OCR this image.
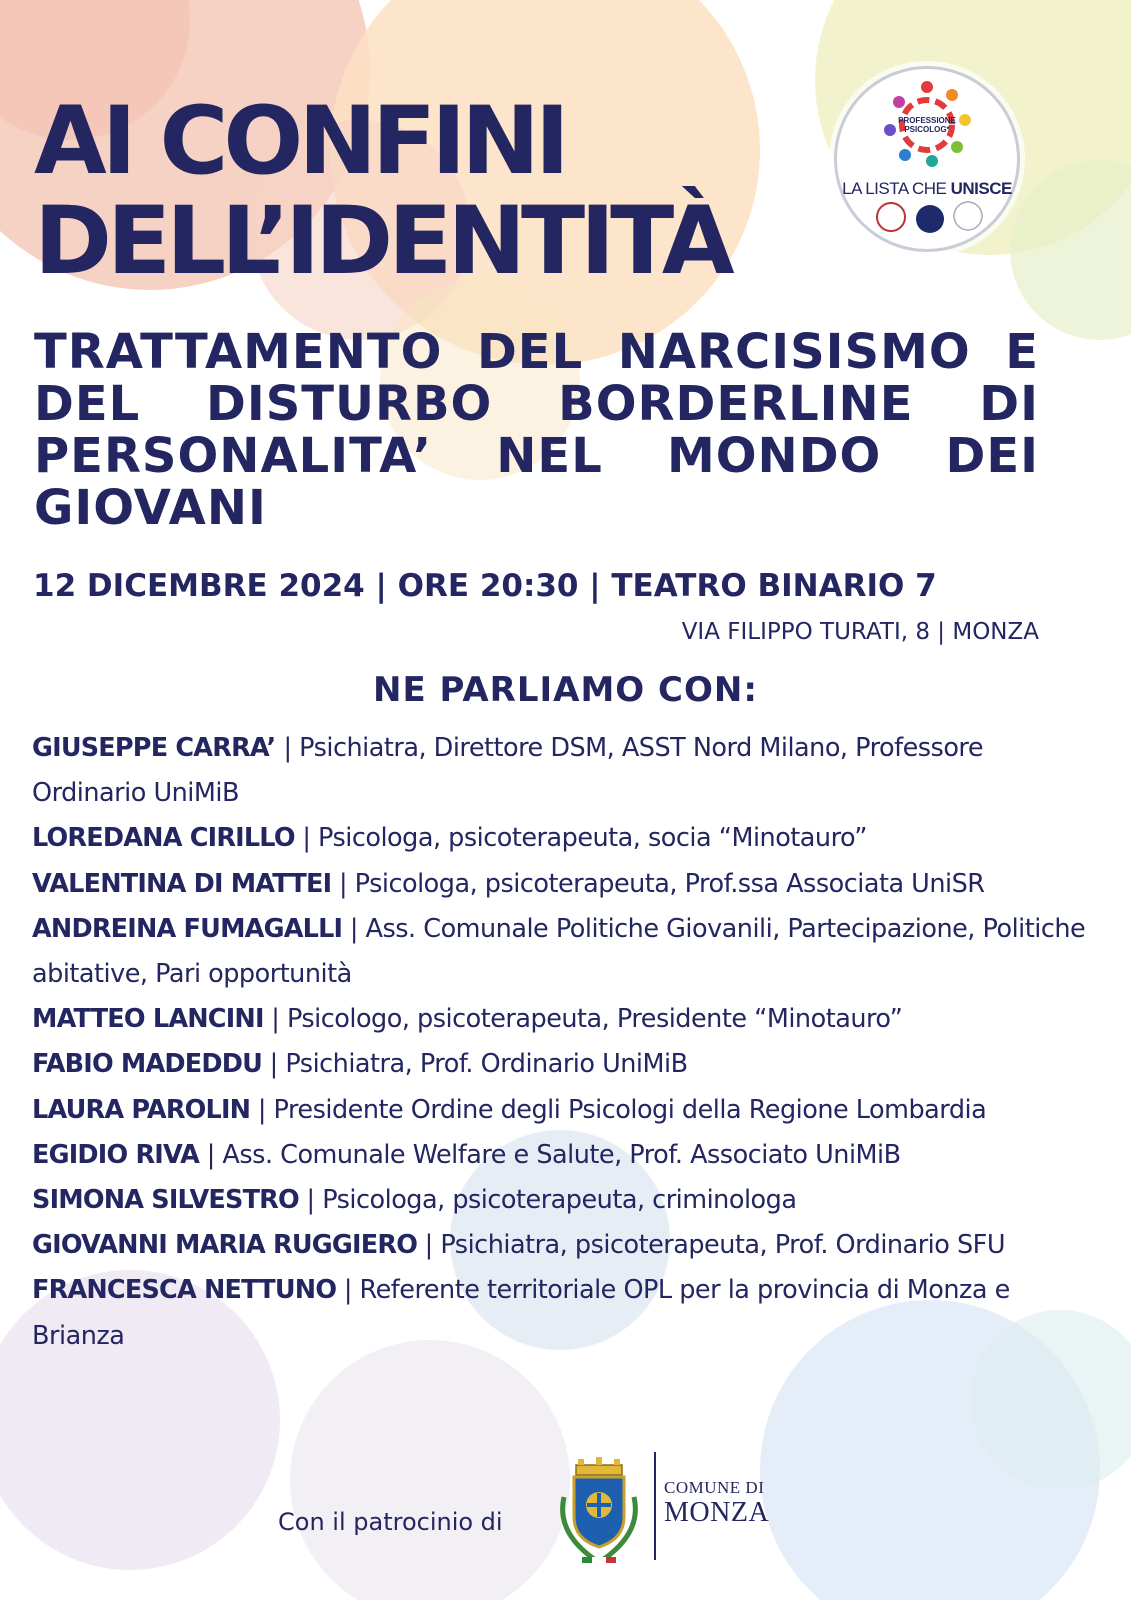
AI CONFINI
DELL’IDENTITÀ
PROFESSIONE
PSICOLOG*
LA LISTA CHE UNISCE

TRATTAMENTO DEL NARCISISMO E DEL DISTURBO BORDERLINE DI PERSONALITA’ NEL MONDO DEI GIOVANI

12 DICEMBRE 2024 | ORE 20:30 | TEATRO BINARIO 7

VIA FILIPPO TURATI, 8 | MONZA

NE PARLIAMO CON:
GIUSEPPE CARRA’ | Psichiatra, Direttore DSM, ASST Nord Milano, Professore Ordinario UniMiB
LOREDANA CIRILLO | Psicologa, psicoterapeuta, socia “Minotauro”
VALENTINA DI MATTEI | Psicologa, psicoterapeuta, Prof.ssa Associata UniSR
ANDREINA FUMAGALLI | Ass. Comunale Politiche Giovanili, Partecipazione, Politiche abitative, Pari opportunità
MATTEO LANCINI | Psicologo, psicoterapeuta, Presidente “Minotauro”
FABIO MADEDDU | Psichiatra, Prof. Ordinario UniMiB
LAURA PAROLIN | Presidente Ordine degli Psicologi della Regione Lombardia
EGIDIO RIVA | Ass. Comunale Welfare e Salute, Prof. Associato UniMiB
SIMONA SILVESTRO | Psicologa, psicoterapeuta, criminologa
GIOVANNI MARIA RUGGIERO | Psichiatra, psicoterapeuta, Prof. Ordinario SFU
FRANCESCA NETTUNO | Referente territoriale OPL per la provincia di Monza e Brianza

Con il patrocinio di

COMUNE DI
MONZA
